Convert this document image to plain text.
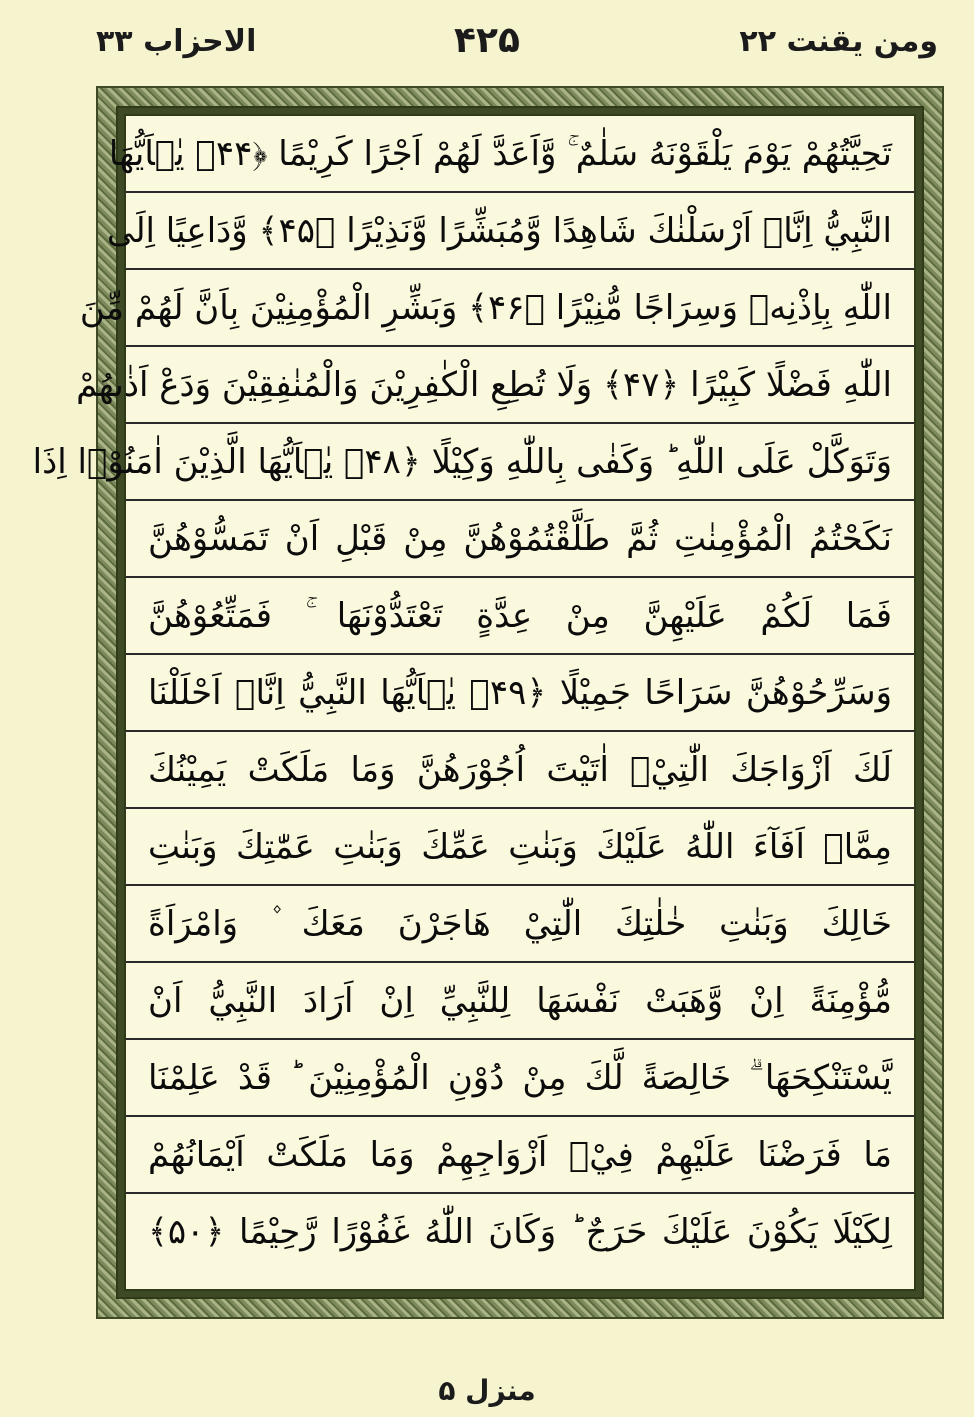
ومن یقنت ۲۲
۴۲۵
الاحزاب ۳۳
تَحِيَّتُهُمْ يَوْمَ يَلْقَوْنَهُ سَلٰمٌ ۚ وَّاَعَدَّ لَهُمْ اَجْرًا كَرِيْمًا ﴿۴۴﴾ يٰۤاَيُّهَا
النَّبِيُّ اِنَّاۤ اَرْسَلْنٰكَ شَاهِدًا وَّمُبَشِّرًا وَّنَذِيْرًا ﴿۴۵﴾ وَّدَاعِيًا اِلَى
اللّٰهِ بِاِذْنِهٖ وَسِرَاجًا مُّنِيْرًا ﴿۴۶﴾ وَبَشِّرِ الْمُؤْمِنِيْنَ بِاَنَّ لَهُمْ مِّنَ
اللّٰهِ فَضْلًا كَبِيْرًا ﴿۴۷﴾ وَلَا تُطِعِ الْكٰفِرِيْنَ وَالْمُنٰفِقِيْنَ وَدَعْ اَذٰىهُمْ
وَتَوَكَّلْ عَلَى اللّٰهِ ؕ وَكَفٰى بِاللّٰهِ وَكِيْلًا ﴿۴۸﴾ يٰۤاَيُّهَا الَّذِيْنَ اٰمَنُوْۤا اِذَا
نَكَحْتُمُ الْمُؤْمِنٰتِ ثُمَّ طَلَّقْتُمُوْهُنَّ مِنْ قَبْلِ اَنْ تَمَسُّوْهُنَّ
فَمَا لَكُمْ عَلَيْهِنَّ مِنْ عِدَّةٍ تَعْتَدُّوْنَهَا ۚ فَمَتِّعُوْهُنَّ
وَسَرِّحُوْهُنَّ سَرَاحًا جَمِيْلًا ﴿۴۹﴾ يٰۤاَيُّهَا النَّبِيُّ اِنَّاۤ اَحْلَلْنَا
لَكَ اَزْوَاجَكَ الّٰتِيْۤ اٰتَيْتَ اُجُوْرَهُنَّ وَمَا مَلَكَتْ يَمِيْنُكَ
مِمَّاۤ اَفَآءَ اللّٰهُ عَلَيْكَ وَبَنٰتِ عَمِّكَ وَبَنٰتِ عَمّٰتِكَ وَبَنٰتِ
خَالِكَ وَبَنٰتِ خٰلٰتِكَ الّٰتِيْ هَاجَرْنَ مَعَكَ ۫ وَامْرَاَةً
مُّؤْمِنَةً اِنْ وَّهَبَتْ نَفْسَهَا لِلنَّبِيِّ اِنْ اَرَادَ النَّبِيُّ اَنْ
يَّسْتَنْكِحَهَا ۗ خَالِصَةً لَّكَ مِنْ دُوْنِ الْمُؤْمِنِيْنَ ؕ قَدْ عَلِمْنَا
مَا فَرَضْنَا عَلَيْهِمْ فِيْۤ اَزْوَاجِهِمْ وَمَا مَلَكَتْ اَيْمَانُهُمْ
لِكَيْلَا يَكُوْنَ عَلَيْكَ حَرَجٌ ؕ وَكَانَ اللّٰهُ غَفُوْرًا رَّحِيْمًا ﴿۵۰﴾
منزل ۵
